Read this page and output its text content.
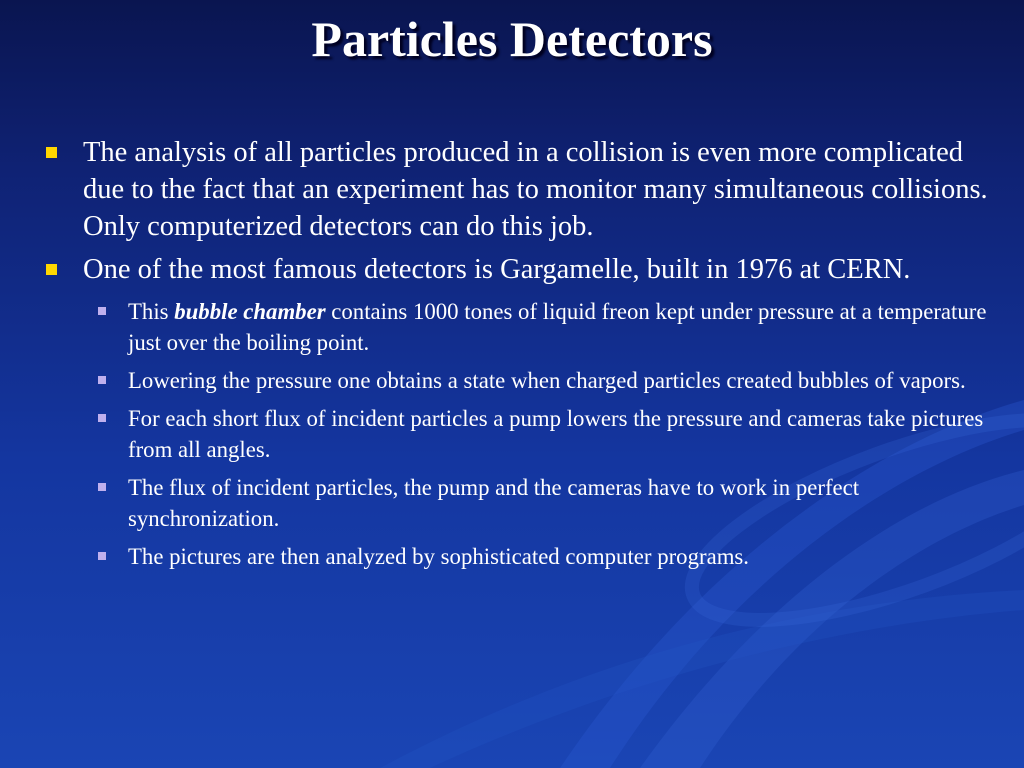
Particles Detectors
The analysis of all particles produced in a collision is even more complicated due to the fact that an experiment has to monitor many simultaneous collisions. Only computerized detectors can do this job.
One of the most famous detectors is Gargamelle, built in 1976 at CERN.
This bubble chamber contains 1000 tones of liquid freon kept under pressure at a temperature just over the boiling point.
Lowering the pressure one obtains a state when charged particles created bubbles of vapors.
For each short flux of incident particles a pump lowers the pressure and cameras take pictures from all angles.
The flux of incident particles, the pump and the cameras have to work in perfect synchronization.
The pictures are then analyzed by sophisticated computer programs.
